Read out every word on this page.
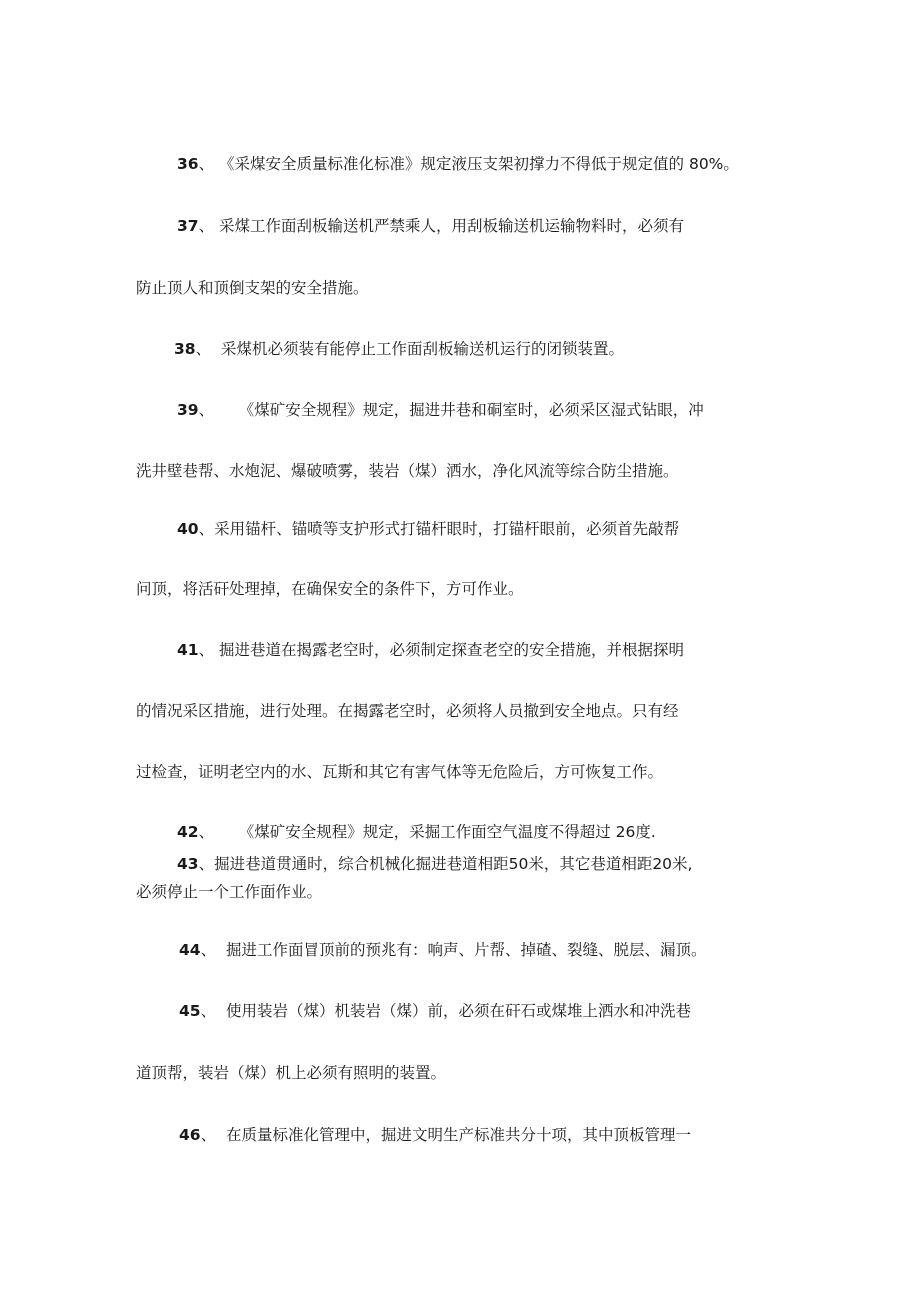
36、 《采煤安全质量标准化标准》规定液压支架初撑力不得低于规定值的 80%。
37、 采煤工作面刮板输送机严禁乘人，用刮板输送机运输物料时，必须有
防止顶人和顶倒支架的安全措施。
38、 采煤机必须装有能停止工作面刮板输送机运行的闭锁装置。
39、 《煤矿安全规程》规定，掘进井巷和硐室时，必须采区湿式钻眼，冲
洗井壁巷帮、水炮泥、爆破喷雾，装岩（煤）洒水，净化风流等综合防尘措施。
40、采用锚杆、锚喷等支护形式打锚杆眼时，打锚杆眼前，必须首先敲帮
问顶，将活矸处理掉，在确保安全的条件下，方可作业。
41、 掘进巷道在揭露老空时，必须制定探查老空的安全措施，并根据探明
的情况采区措施，进行处理。在揭露老空时，必须将人员撤到安全地点。只有经
过检查，证明老空内的水、瓦斯和其它有害气体等无危险后，方可恢复工作。
42、 《煤矿安全规程》规定，采掘工作面空气温度不得超过 26度.
43、掘进巷道贯通时，综合机械化掘进巷道相距50米，其它巷道相距20米,
必须停止一个工作面作业。
44、 掘进工作面冒顶前的预兆有：响声、片帮、掉碴、裂缝、脱层、漏顶。
45、 使用装岩（煤）机装岩（煤）前，必须在矸石或煤堆上洒水和冲洗巷
道顶帮，装岩（煤）机上必须有照明的装置。
46、 在质量标准化管理中，掘进文明生产标准共分十项，其中顶板管理一
